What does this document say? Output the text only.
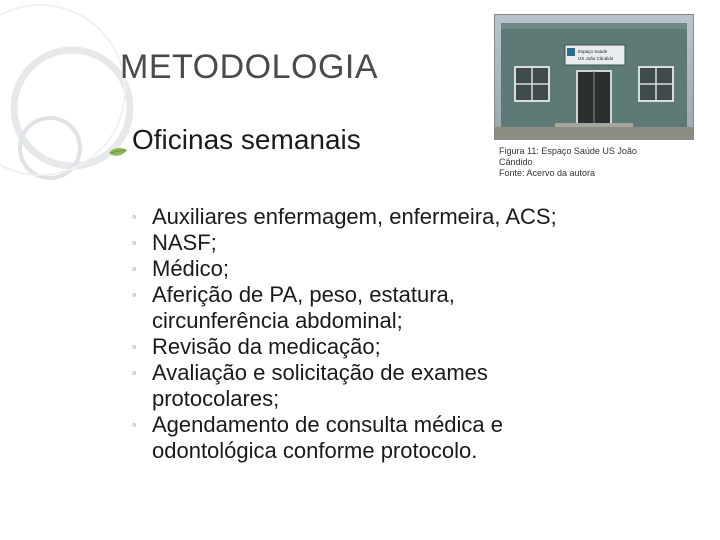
METODOLOGIA
Oficinas semanais
Espaço Saúde
US João Cândido
Figura 11: Espaço Saúde US João
Cândido
Fonte: Acervo da autora
◦ Auxiliares enfermagem, enfermeira, ACS;
◦ NASF;
◦ Médico;
◦ Aferição de PA, peso, estatura,
circunferência abdominal;
◦ Revisão da medicação;
◦ Avaliação e solicitação de exames
protocolares;
◦ Agendamento de consulta médica e
odontológica conforme protocolo.
